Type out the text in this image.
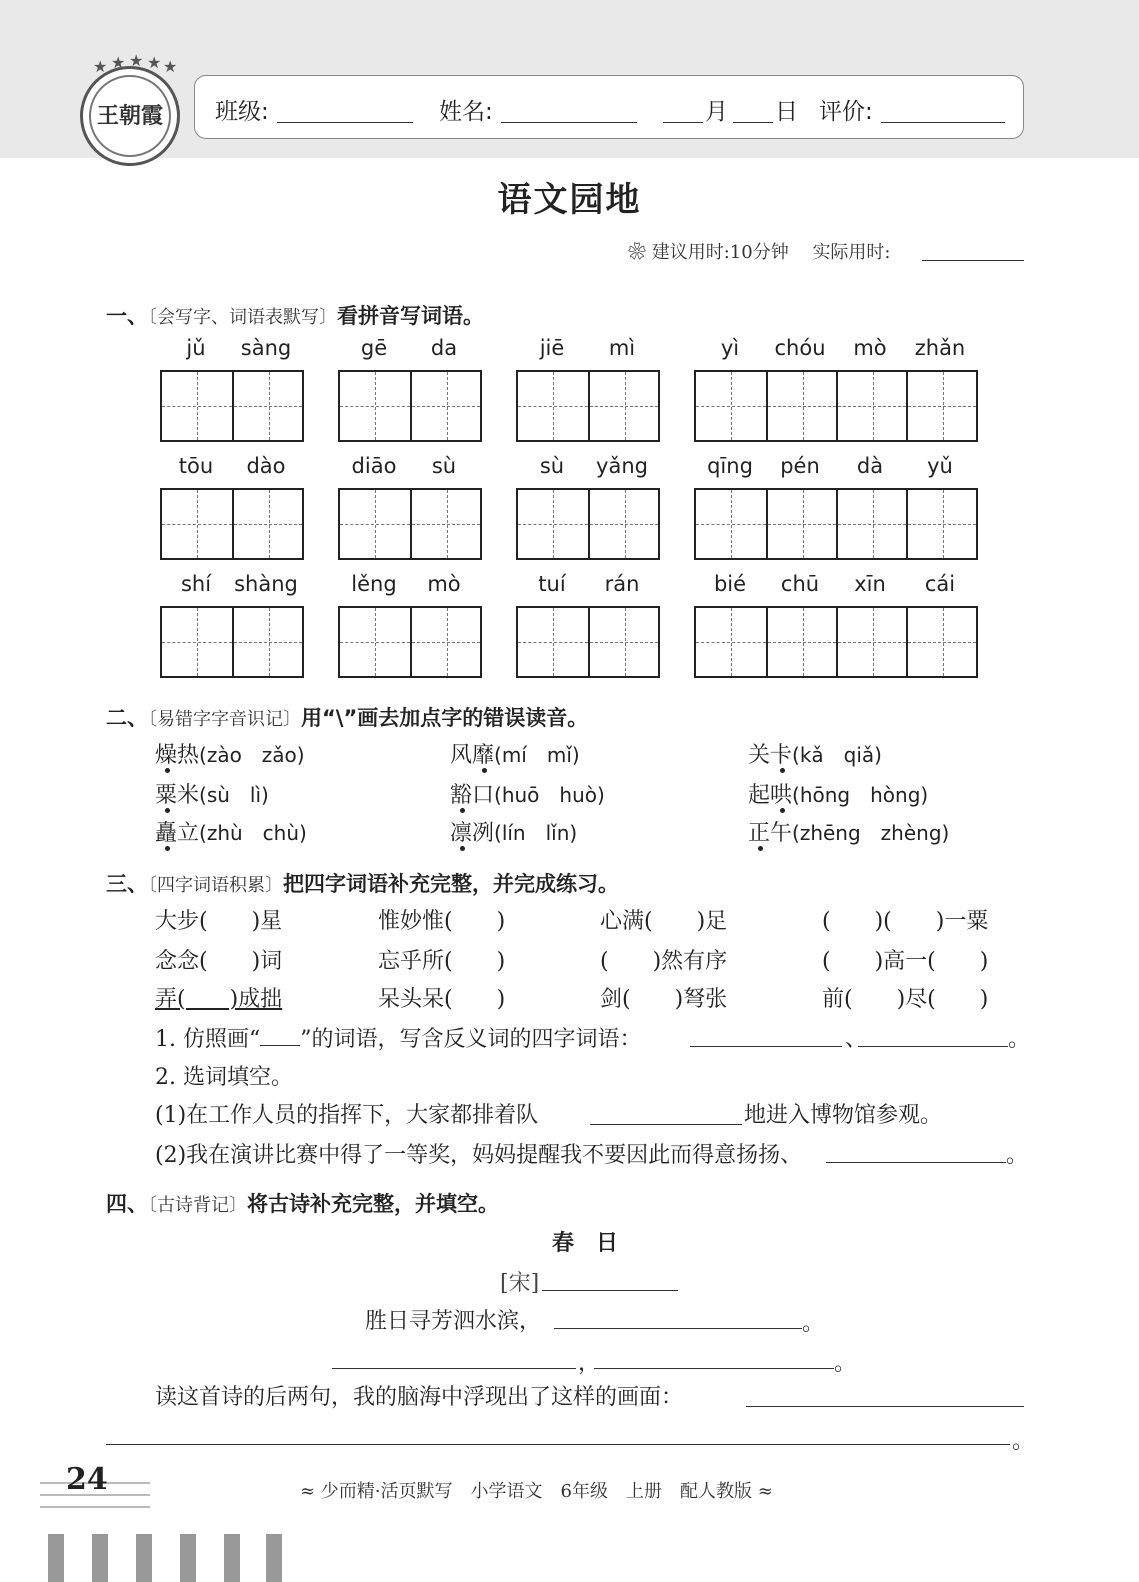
★ ★ ★ ★ ★
王朝霞	班级:	姓名:	月 日 评价:
语文园地
❀ 建议用时:10分钟 实际用时:
一、〔会写字、词语表默写〕看拼音写词语。
jǔ	sàng	gē	da	jiē	mì	yì	chóu	mò	zhǎn
tōu	dào	diāo	sù	sù	yǎng	qīng	pén	dà	yǔ
shí	shàng	lěng	mò	tuí	rán	bié	chū	xīn	cái
二、〔易错字字音识记〕用“\”画去加点字的错误读音。
燥热(zào　zǎo)	风靡(mí　mǐ)	关卡(kǎ　qiǎ)
粟米(sù　lì)	豁口(huō　huò)	起哄(hōng　hòng)
矗立(zhù　chù)	凛冽(lín　lǐn)	正午(zhēng　zhèng)
三、〔四字词语积累〕把四字词语补充完整，并完成练习。
大步(　　)星	惟妙惟(　　)	心满(　　)足	(　　)(　　)一粟
念念(　　)词	忘乎所(　　)	(　　)然有序	(　　)高一(　　)
弄(　　)成拙	呆头呆(　　)	剑(　　)弩张	前(　　)尽(　　)
1. 仿照画“ ”的词语，写含反义词的四字词语：	、	。
2. 选词填空。
(1)在工作人员的指挥下，大家都排着队	地进入博物馆参观。
(2)我在演讲比赛中得了一等奖，妈妈提醒我不要因此而得意扬扬、	。
四、〔古诗背记〕将古诗补充完整，并填空。
春　日
[宋]
胜日寻芳泗水滨，	。
，	。
读这首诗的后两句，我的脑海中浮现出了这样的画面：
。
24	≈ 少而精·活页默写　小学语文　6年级　上册　配人教版 ≈
